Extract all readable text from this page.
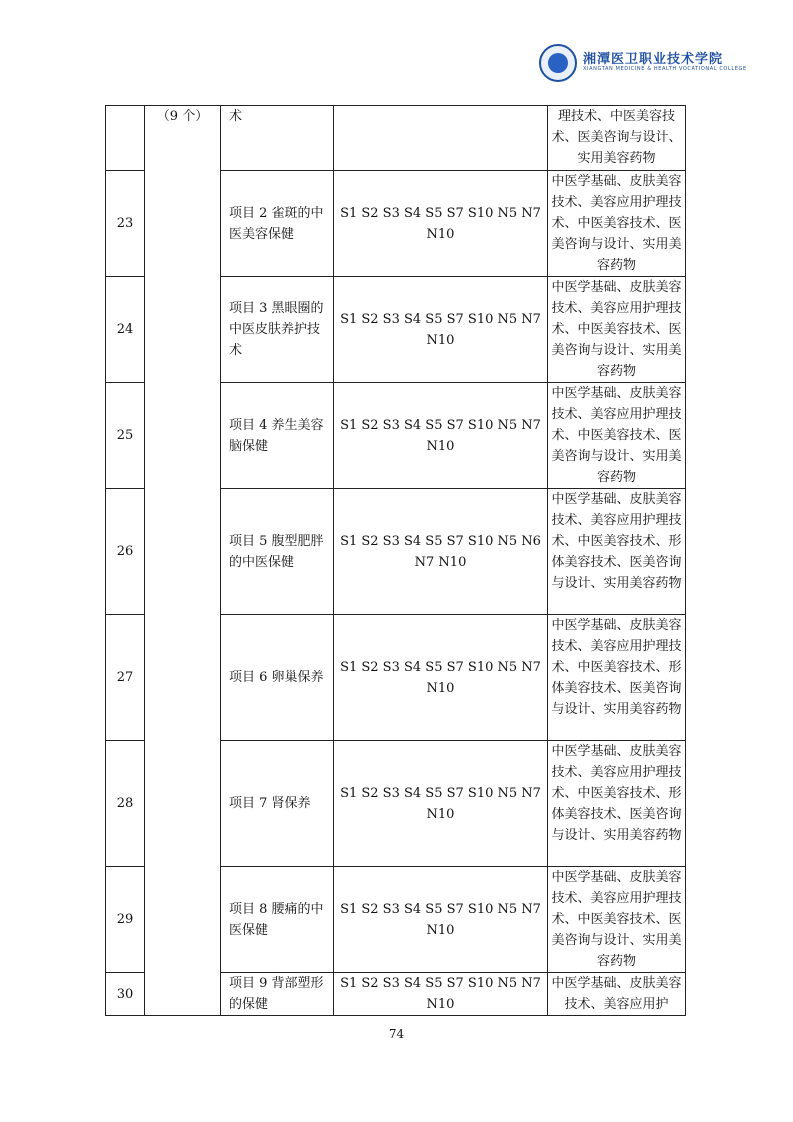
湘潭医卫职业技术学院
XIANGTAN MEDICINE & HEALTH VOCATIONAL COLLEGE
	（9 个）	术		理技术、中医美容技术、医美咨询与设计、实用美容药物
23		项目 2 雀斑的中医美容保健	S1 S2 S3 S4 S5 S7 S10 N5 N7 N10	中医学基础、皮肤美容技术、美容应用护理技术、中医美容技术、医美咨询与设计、实用美容药物
24		项目 3 黑眼圈的中医皮肤养护技术	S1 S2 S3 S4 S5 S7 S10 N5 N7 N10	中医学基础、皮肤美容技术、美容应用护理技术、中医美容技术、医美咨询与设计、实用美容药物
25		项目 4 养生美容脑保健	S1 S2 S3 S4 S5 S7 S10 N5 N7 N10	中医学基础、皮肤美容技术、美容应用护理技术、中医美容技术、医美咨询与设计、实用美容药物
26		项目 5 腹型肥胖的中医保健	S1 S2 S3 S4 S5 S7 S10 N5 N6 N7 N10	中医学基础、皮肤美容技术、美容应用护理技术、中医美容技术、形体美容技术、医美咨询与设计、实用美容药物
27		项目 6 卵巢保养	S1 S2 S3 S4 S5 S7 S10 N5 N7 N10	中医学基础、皮肤美容技术、美容应用护理技术、中医美容技术、形体美容技术、医美咨询与设计、实用美容药物
28		项目 7 肾保养	S1 S2 S3 S4 S5 S7 S10 N5 N7 N10	中医学基础、皮肤美容技术、美容应用护理技术、中医美容技术、形体美容技术、医美咨询与设计、实用美容药物
29		项目 8 腰痛的中医保健	S1 S2 S3 S4 S5 S7 S10 N5 N7 N10	中医学基础、皮肤美容技术、美容应用护理技术、中医美容技术、医美咨询与设计、实用美容药物
30		项目 9 背部塑形的保健	S1 S2 S3 S4 S5 S7 S10 N5 N7 N10	中医学基础、皮肤美容技术、美容应用护
74
